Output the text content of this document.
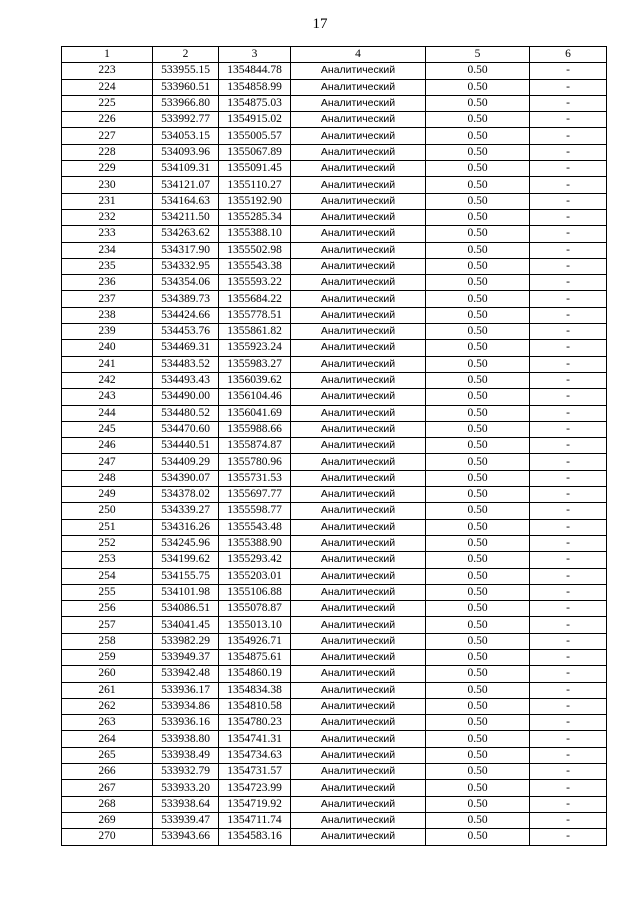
17
1	2	3	4	5	6
223	533955.15	1354844.78	Аналитический	0.50	-
224	533960.51	1354858.99	Аналитический	0.50	-
225	533966.80	1354875.03	Аналитический	0.50	-
226	533992.77	1354915.02	Аналитический	0.50	-
227	534053.15	1355005.57	Аналитический	0.50	-
228	534093.96	1355067.89	Аналитический	0.50	-
229	534109.31	1355091.45	Аналитический	0.50	-
230	534121.07	1355110.27	Аналитический	0.50	-
231	534164.63	1355192.90	Аналитический	0.50	-
232	534211.50	1355285.34	Аналитический	0.50	-
233	534263.62	1355388.10	Аналитический	0.50	-
234	534317.90	1355502.98	Аналитический	0.50	-
235	534332.95	1355543.38	Аналитический	0.50	-
236	534354.06	1355593.22	Аналитический	0.50	-
237	534389.73	1355684.22	Аналитический	0.50	-
238	534424.66	1355778.51	Аналитический	0.50	-
239	534453.76	1355861.82	Аналитический	0.50	-
240	534469.31	1355923.24	Аналитический	0.50	-
241	534483.52	1355983.27	Аналитический	0.50	-
242	534493.43	1356039.62	Аналитический	0.50	-
243	534490.00	1356104.46	Аналитический	0.50	-
244	534480.52	1356041.69	Аналитический	0.50	-
245	534470.60	1355988.66	Аналитический	0.50	-
246	534440.51	1355874.87	Аналитический	0.50	-
247	534409.29	1355780.96	Аналитический	0.50	-
248	534390.07	1355731.53	Аналитический	0.50	-
249	534378.02	1355697.77	Аналитический	0.50	-
250	534339.27	1355598.77	Аналитический	0.50	-
251	534316.26	1355543.48	Аналитический	0.50	-
252	534245.96	1355388.90	Аналитический	0.50	-
253	534199.62	1355293.42	Аналитический	0.50	-
254	534155.75	1355203.01	Аналитический	0.50	-
255	534101.98	1355106.88	Аналитический	0.50	-
256	534086.51	1355078.87	Аналитический	0.50	-
257	534041.45	1355013.10	Аналитический	0.50	-
258	533982.29	1354926.71	Аналитический	0.50	-
259	533949.37	1354875.61	Аналитический	0.50	-
260	533942.48	1354860.19	Аналитический	0.50	-
261	533936.17	1354834.38	Аналитический	0.50	-
262	533934.86	1354810.58	Аналитический	0.50	-
263	533936.16	1354780.23	Аналитический	0.50	-
264	533938.80	1354741.31	Аналитический	0.50	-
265	533938.49	1354734.63	Аналитический	0.50	-
266	533932.79	1354731.57	Аналитический	0.50	-
267	533933.20	1354723.99	Аналитический	0.50	-
268	533938.64	1354719.92	Аналитический	0.50	-
269	533939.47	1354711.74	Аналитический	0.50	-
270	533943.66	1354583.16	Аналитический	0.50	-
